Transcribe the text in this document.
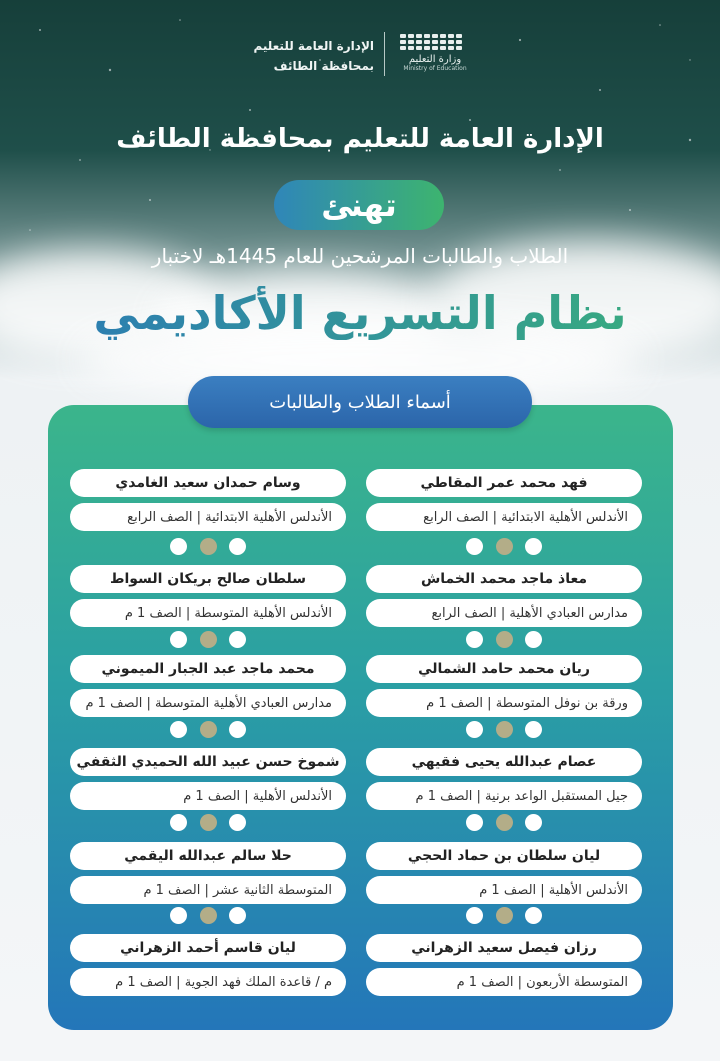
وزارة التعليم
Ministry of Education
الإدارة العامة للتعليم
بمحافظة الطائف
الإدارة العامة للتعليم بمحافظة الطائف
تهنئ
الطلاب والطالبات المرشحين للعام 1445هـ لاختبار
نظام التسريع الأكاديمي
أسماء الطلاب والطالبات
فهد محمد عمر المقاطي
الأندلس الأهلية الابتدائية | الصف الرابع
وسام حمدان سعيد الغامدي
الأندلس الأهلية الابتدائية | الصف الرابع
معاذ ماجد محمد الخماش
مدارس العبادي الأهلية | الصف الرابع
سلطان صالح بريكان السواط
الأندلس الأهلية المتوسطة | الصف 1 م
ريان محمد حامد الشمالي
ورقة بن نوفل المتوسطة | الصف 1 م
محمد ماجد عبد الجبار الميموني
مدارس العبادي الأهلية المتوسطة | الصف 1 م
عصام عبدالله يحيى فقيهي
جيل المستقبل الواعد برنية | الصف 1 م
شموخ حسن عبيد الله الحميدي الثقفي
الأندلس الأهلية | الصف 1 م
ليان سلطان بن حماد الحجي
الأندلس الأهلية | الصف 1 م
حلا سالم عبدالله اليقمي
المتوسطة الثانية عشر | الصف 1 م
رزان فيصل سعيد الزهراني
المتوسطة الأربعون | الصف 1 م
ليان قاسم أحمد الزهراني
م / قاعدة الملك فهد الجوية | الصف 1 م
